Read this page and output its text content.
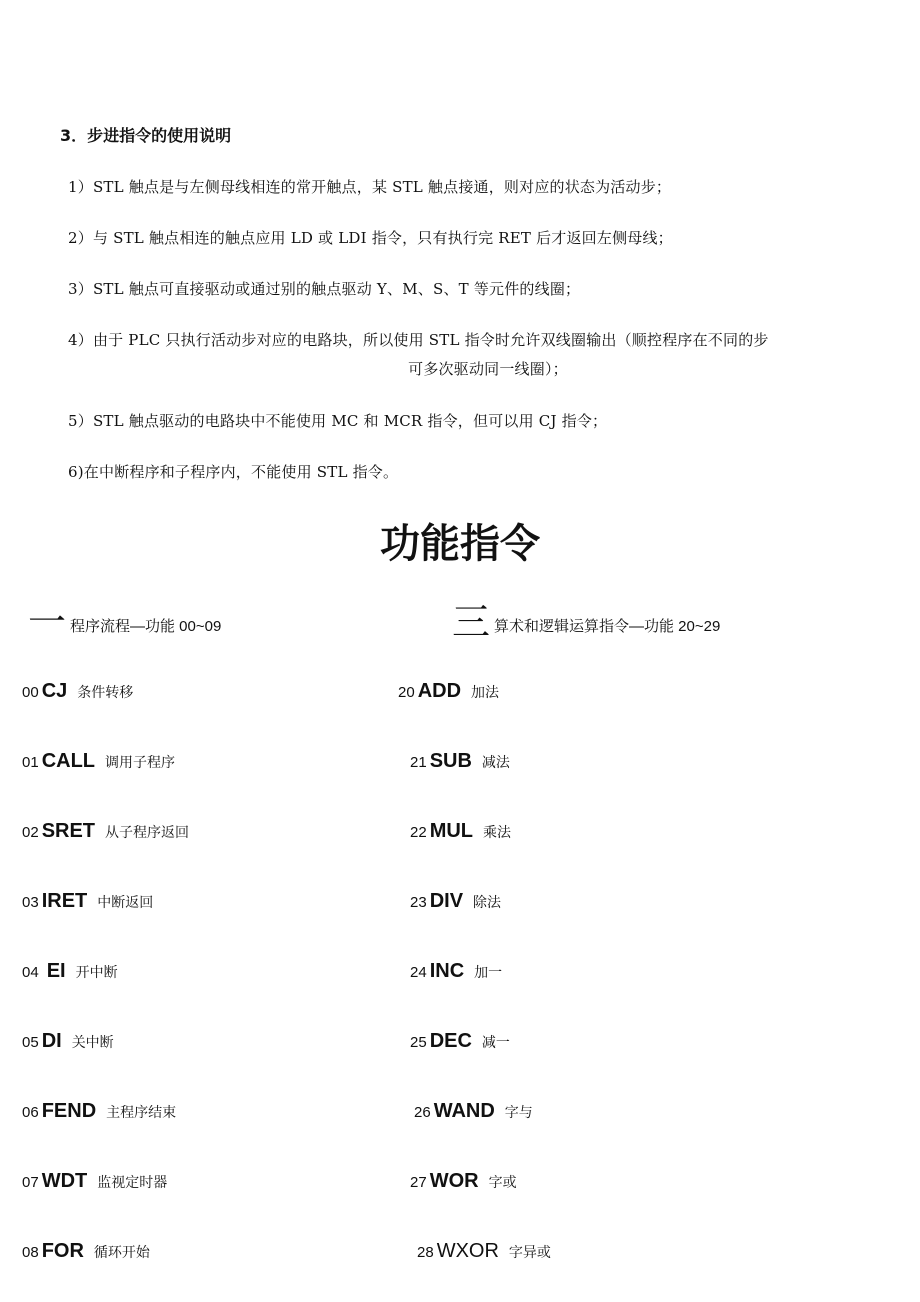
3．步进指令的使用说明
1）STL 触点是与左侧母线相连的常开触点，某 STL 触点接通，则对应的状态为活动步；
2）与 STL 触点相连的触点应用 LD 或 LDI 指令，只有执行完 RET 后才返回左侧母线；
3）STL 触点可直接驱动或通过别的触点驱动 Y、M、S、T 等元件的线圈；
4）由于 PLC 只执行活动步对应的电路块，所以使用 STL 指令时允许双线圈输出（顺控程序在不同的步
可多次驱动同一线圈）；
5）STL 触点驱动的电路块中不能使用 MC 和 MCR 指令，但可以用 CJ 指令；
6)在中断程序和子程序内，不能使用 STL 指令。
功能指令
一 程序流程—功能 00~09	三 算术和逻辑运算指令—功能 20~29
00 CJ 条件转移
01 CALL 调用子程序
02 SRET 从子程序返回
03 IRET 中断返回
04 EI 开中断
05 DI 关中断
06 FEND 主程序结束
07 WDT 监视定时器
08 FOR 循环开始
20 ADD 加法
21 SUB 减法
22 MUL 乘法
23 DIV 除法
24 INC 加一
25 DEC 减一
26 WAND 字与
27 WOR 字或
28 WXOR 字异或
